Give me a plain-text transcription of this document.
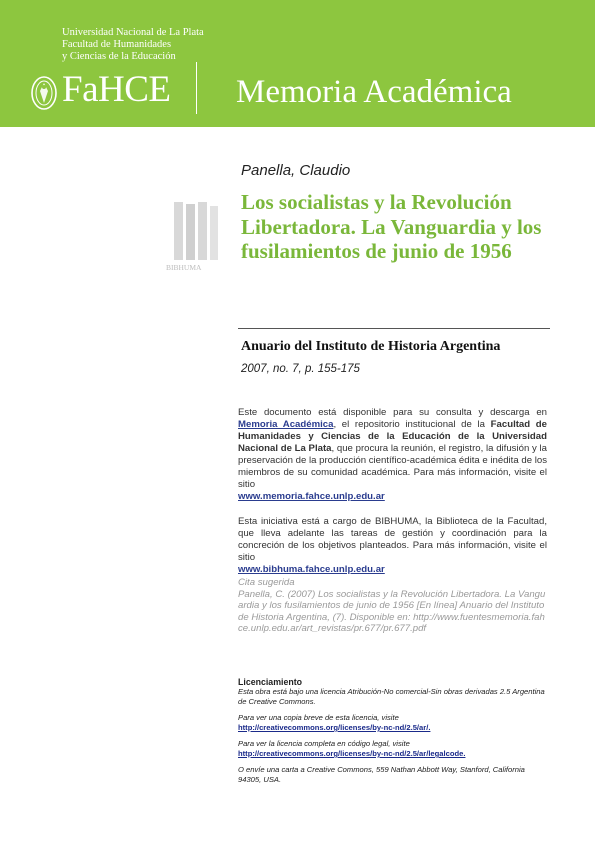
Universidad Nacional de La Plata
Facultad de Humanidades
y Ciencias de la Educación
FaHCE Memoria Académica
BIBHUMA
Panella, Claudio
Los socialistas y la Revolución Libertadora. La Vanguardia y los fusilamientos de junio de 1956
Anuario del Instituto de Historia Argentina
2007, no. 7, p. 155-175
Este documento está disponible para su consulta y descarga en Memoria Académica, el repositorio institucional de la Facultad de Humanidades y Ciencias de la Educación de la Universidad Nacional de La Plata, que procura la reunión, el registro, la difusión y la preservación de la producción científico-académica édita e inédita de los miembros de su comunidad académica. Para más información, visite el sitio
www.memoria.fahce.unlp.edu.ar
Esta iniciativa está a cargo de BIBHUMA, la Biblioteca de la Facultad, que lleva adelante las tareas de gestión y coordinación para la concreción de los objetivos planteados. Para más información, visite el sitio
www.bibhuma.fahce.unlp.edu.ar
Cita sugerida
Panella, C. (2007) Los socialistas y la Revolución Libertadora. La Vanguardia y los fusilamientos de junio de 1956 [En línea] Anuario del Instituto de Historia Argentina, (7). Disponible en: http://www.fuentesmemoria.fahce.unlp.edu.ar/art_revistas/pr.677/pr.677.pdf
Licenciamiento
Esta obra está bajo una licencia Atribución-No comercial-Sin obras derivadas 2.5 Argentina de Creative Commons.
Para ver una copia breve de esta licencia, visite
http://creativecommons.org/licenses/by-nc-nd/2.5/ar/.
Para ver la licencia completa en código legal, visite
http://creativecommons.org/licenses/by-nc-nd/2.5/ar/legalcode.
O envíe una carta a Creative Commons, 559 Nathan Abbott Way, Stanford, California 94305, USA.
